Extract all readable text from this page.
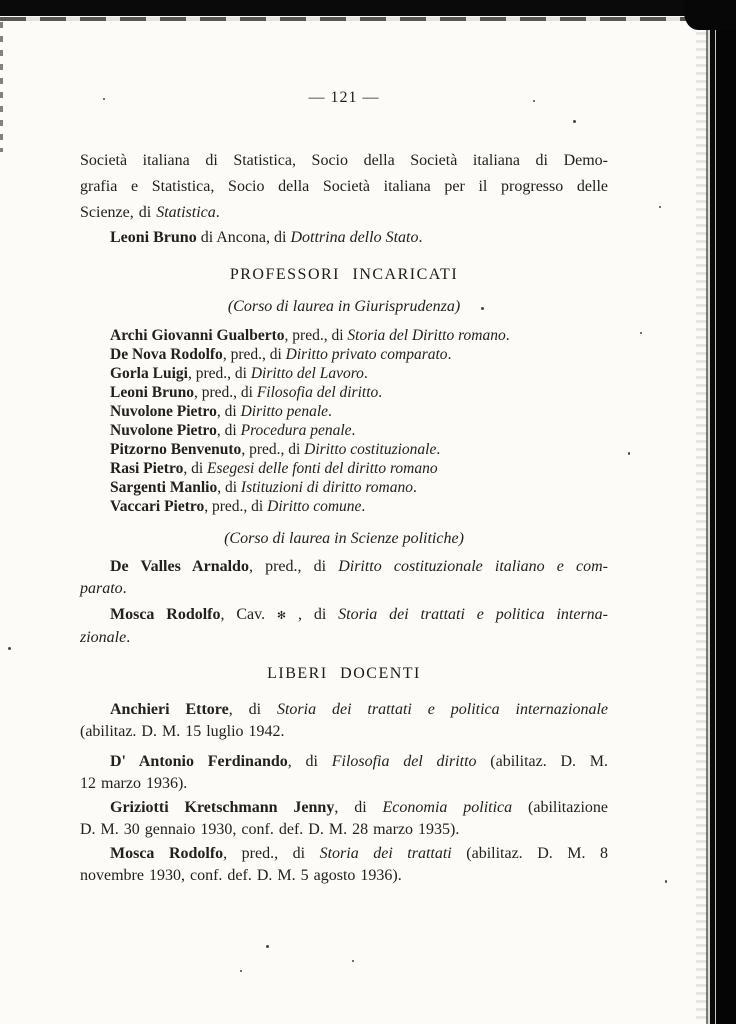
— 121 —
Società italiana di Statistica, Socio della Società italiana di Demo-
grafia e Statistica, Socio della Società italiana per il progresso delle
Scienze, di Statistica.
Leoni Bruno di Ancona, di Dottrina dello Stato.
PROFESSORI INCARICATI
(Corso di laurea in Giurisprudenza)
Archi Giovanni Gualberto, pred., di Storia del Diritto romano.
De Nova Rodolfo, pred., di Diritto privato comparato.
Gorla Luigi, pred., di Diritto del Lavoro.
Leoni Bruno, pred., di Filosofia del diritto.
Nuvolone Pietro, di Diritto penale.
Nuvolone Pietro, di Procedura penale.
Pitzorno Benvenuto, pred., di Diritto costituzionale.
Rasi Pietro, di Esegesi delle fonti del diritto romano
Sargenti Manlio, di Istituzioni di diritto romano.
Vaccari Pietro, pred., di Diritto comune.
(Corso di laurea in Scienze politiche)
De Valles Arnaldo, pred., di Diritto costituzionale italiano e com-
parato.
Mosca Rodolfo, Cav. ✻ , di Storia dei trattati e politica interna-
zionale.
LIBERI DOCENTI
Anchieri Ettore, di Storia dei trattati e politica internazionale
(abilitaz. D. M. 15 luglio 1942.
D' Antonio Ferdinando, di Filosofia del diritto (abilitaz. D. M.
12 marzo 1936).
Griziotti Kretschmann Jenny, di Economia politica (abilitazione
D. M. 30 gennaio 1930, conf. def. D. M. 28 marzo 1935).
Mosca Rodolfo, pred., di Storia dei trattati (abilitaz. D. M. 8
novembre 1930, conf. def. D. M. 5 agosto 1936).
